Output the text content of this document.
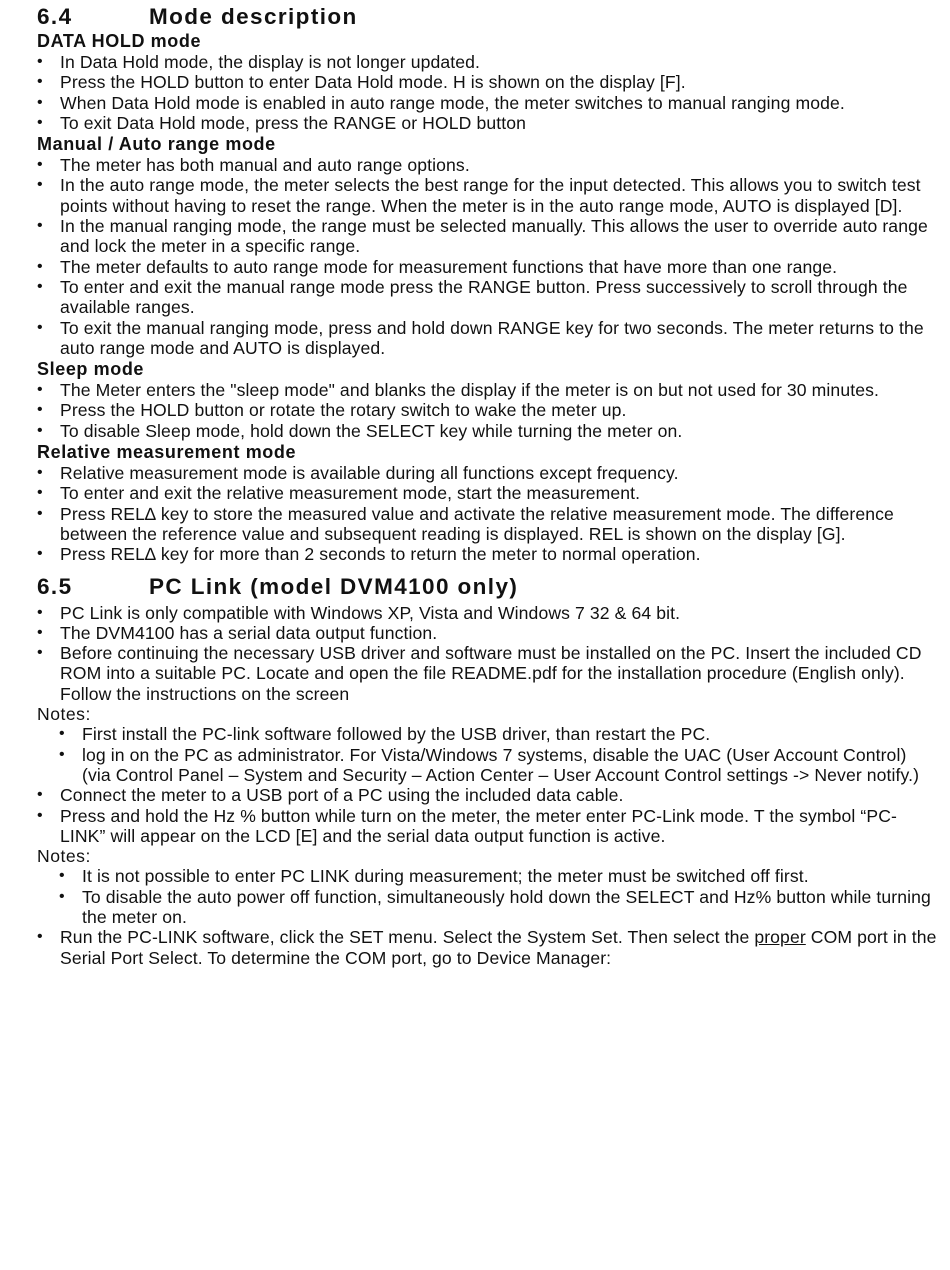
6.4	Mode description
DATA HOLD mode
• In Data Hold mode, the display is not longer updated.
• Press the HOLD button to enter Data Hold mode. H is shown on the display [F].
• When Data Hold mode is enabled in auto range mode, the meter switches to manual ranging mode.
• To exit Data Hold mode, press the RANGE or HOLD button
Manual / Auto range mode
• The meter has both manual and auto range options.
• In the auto range mode, the meter selects the best range for the input detected. This allows you to switch test points without having to reset the range. When the meter is in the auto range mode, AUTO is displayed [D].
• In the manual ranging mode, the range must be selected manually. This allows the user to override auto range and lock the meter in a specific range.
• The meter defaults to auto range mode for measurement functions that have more than one range.
• To enter and exit the manual range mode press the RANGE button. Press successively to scroll through the available ranges.
• To exit the manual ranging mode, press and hold down RANGE key for two seconds. The meter returns to the auto range mode and AUTO is displayed.
Sleep mode
• The Meter enters the "sleep mode" and blanks the display if the meter is on but not used for 30 minutes.
• Press the HOLD button or rotate the rotary switch to wake the meter up.
• To disable Sleep mode, hold down the SELECT key while turning the meter on.
Relative measurement mode
• Relative measurement mode is available during all functions except frequency.
• To enter and exit the relative measurement mode, start the measurement.
• Press REL∆ key to store the measured value and activate the relative measurement mode. The difference between the reference value and subsequent reading is displayed. REL is shown on the display [G].
• Press REL∆ key for more than 2 seconds to return the meter to normal operation.
6.5	PC Link (model DVM4100 only)
• PC Link is only compatible with Windows XP, Vista and Windows 7 32 & 64 bit.
• The DVM4100 has a serial data output function.
• Before continuing the necessary USB driver and software must be installed on the PC. Insert the included CD ROM into a suitable PC. Locate and open the file README.pdf for the installation procedure (English only). Follow the instructions on the screen
Notes:
• First install the PC-link software followed by the USB driver, than restart the PC.
• log in on the PC as administrator. For Vista/Windows 7 systems, disable the UAC (User Account Control) (via Control Panel – System and Security – Action Center – User Account Control settings -> Never notify.)
• Connect the meter to a USB port of a PC using the included data cable.
• Press and hold the Hz % button while turn on the meter, the meter enter PC-Link mode. T the symbol “PC-LINK” will appear on the LCD [E] and the serial data output function is active.
Notes:
• It is not possible to enter PC LINK during measurement; the meter must be switched off first.
• To disable the auto power off function, simultaneously hold down the SELECT and Hz% button while turning the meter on.
• Run the PC-LINK software, click the SET menu. Select the System Set. Then select the proper COM port in the Serial Port Select. To determine the COM port, go to Device Manager:
